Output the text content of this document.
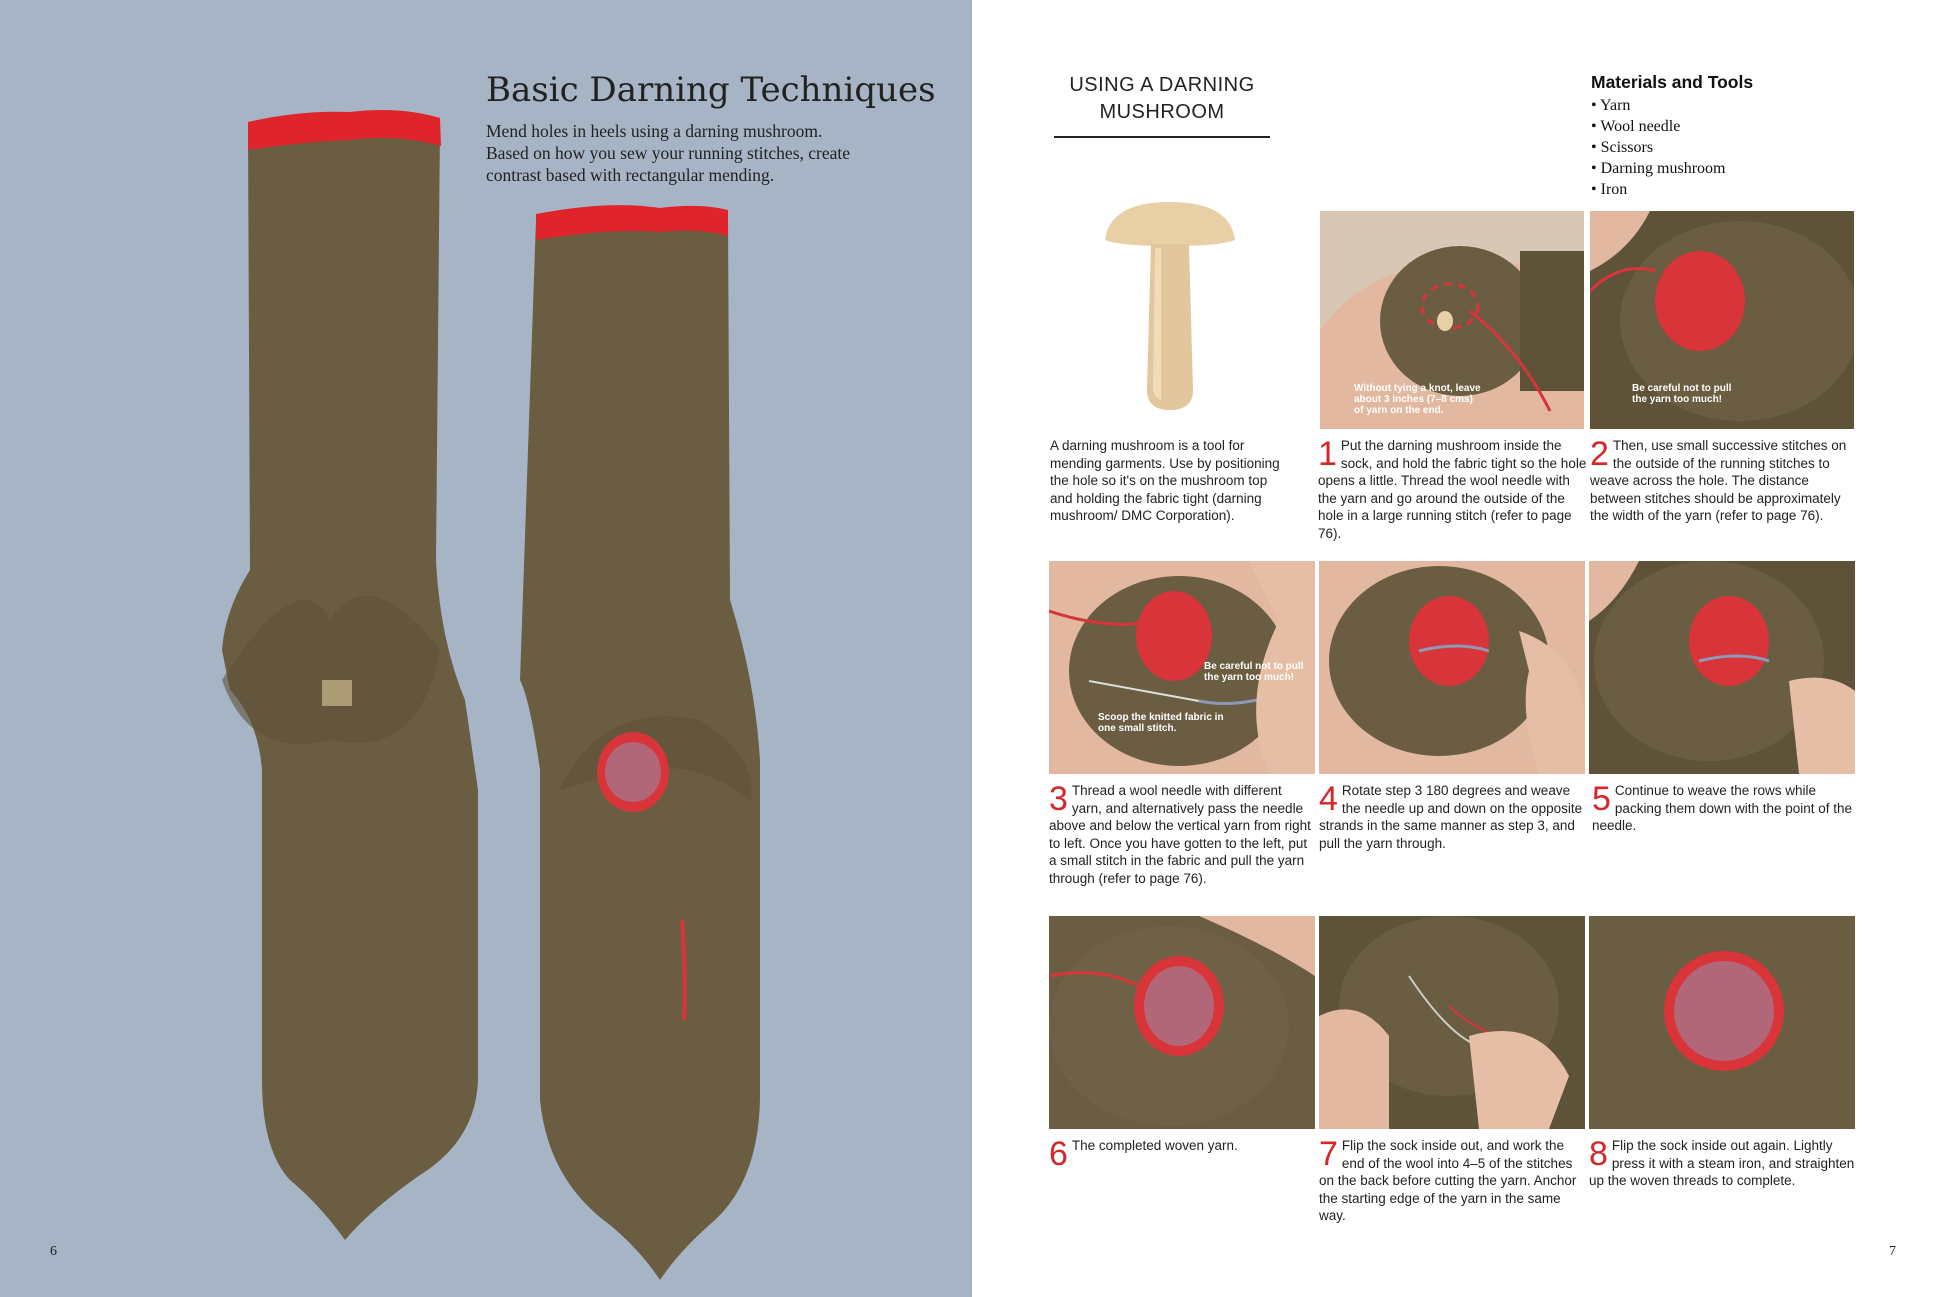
Basic Darning Techniques
Mend holes in heels using a darning mushroom.
Based on how you sew your running stitches, create
contrast based with rectangular mending.
6
USING A DARNING
MUSHROOM
Materials and Tools
• Yarn
• Wool needle
• Scissors
• Darning mushroom
• Iron
A darning mushroom is a tool for mending garments. Use by positioning the hole so it's on the mushroom top and holding the fabric tight (darning mushroom/ DMC Corporation).
Without tying a knot, leave about 3 inches (7–8 cms) of yarn on the end.
Be careful not to pull the yarn too much!
1 Put the darning mushroom inside the sock, and hold the fabric tight so the hole opens a little. Thread the wool needle with the yarn and go around the outside of the hole in a large running stitch (refer to page 76).
2 Then, use small successive stitches on the outside of the running stitches to weave across the hole. The distance between stitches should be approximately the width of the yarn (refer to page 76).
Be careful not to pull the yarn too much!
Scoop the knitted fabric in one small stitch.
3 Thread a wool needle with different yarn, and alternatively pass the needle above and below the vertical yarn from right to left. Once you have gotten to the left, put a small stitch in the fabric and pull the yarn through (refer to page 76).
4 Rotate step 3 180 degrees and weave the needle up and down on the opposite strands in the same manner as step 3, and pull the yarn through.
5 Continue to weave the rows while packing them down with the point of the needle.
6 The completed woven yarn.	7 Flip the sock inside out, and work the end of the wool into 4–5 of the stitches on the back before cutting the yarn. Anchor the starting edge of the yarn in the same way.
8 Flip the sock inside out again. Lightly press it with a steam iron, and straighten up the woven threads to complete.
7
